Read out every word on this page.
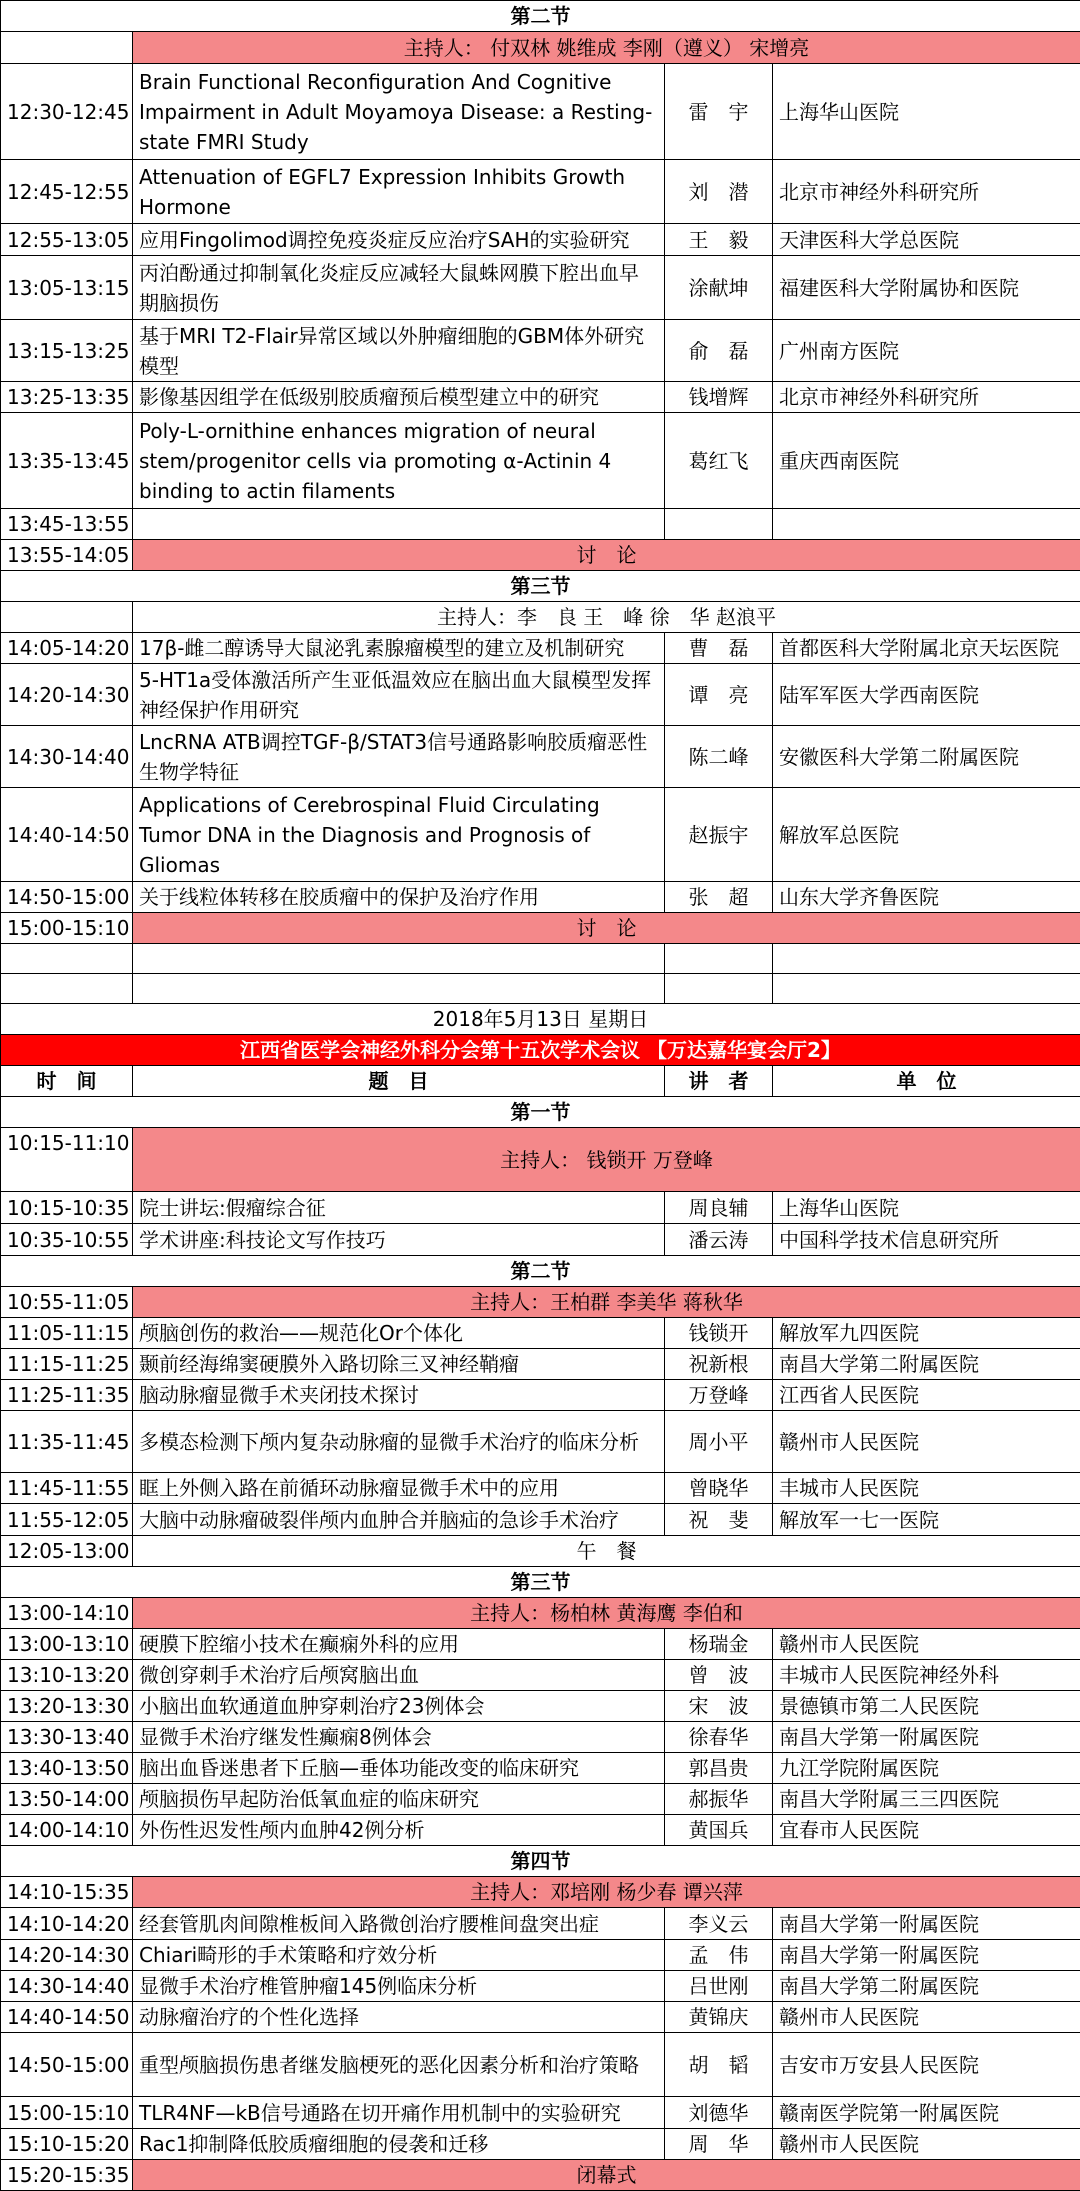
第二节			
	主持人： 付双林 姚维成 李刚（遵义） 宋增亮		
12:30-12:45	Brain Functional Reconfiguration And Cognitive Impairment in Adult Moyamoya Disease: a Resting-state FMRI Study	雷　宇	上海华山医院
12:45-12:55	Attenuation of EGFL7 Expression Inhibits Growth Hormone	刘　潜	北京市神经外科研究所
12:55-13:05	应用Fingolimod调控免疫炎症反应治疗SAH的实验研究	王　毅	天津医科大学总医院
13:05-13:15	丙泊酚通过抑制氧化炎症反应减轻大鼠蛛网膜下腔出血早期脑损伤	涂献坤	福建医科大学附属协和医院
13:15-13:25	基于MRI T2-Flair异常区域以外肿瘤细胞的GBM体外研究模型	俞　磊	广州南方医院
13:25-13:35	影像基因组学在低级别胶质瘤预后模型建立中的研究	钱增辉	北京市神经外科研究所
13:35-13:45	Poly-L-ornithine enhances migration of neural stem/progenitor cells via promoting α-Actinin 4 binding to actin filaments	葛红飞	重庆西南医院
13:45-13:55			
13:55-14:05	讨　论		
第三节			
	主持人：李　良 王　峰 徐　华 赵浪平		
14:05-14:20	17β-雌二醇诱导大鼠泌乳素腺瘤模型的建立及机制研究	曹　磊	首都医科大学附属北京天坛医院
14:20-14:30	5-HT1a受体激活所产生亚低温效应在脑出血大鼠模型发挥神经保护作用研究	谭　亮	陆军军医大学西南医院
14:30-14:40	LncRNA ATB调控TGF-β/STAT3信号通路影响胶质瘤恶性生物学特征	陈二峰	安徽医科大学第二附属医院
14:40-14:50	Applications of Cerebrospinal Fluid Circulating Tumor DNA in the Diagnosis and Prognosis of Gliomas	赵振宇	解放军总医院
14:50-15:00	关于线粒体转移在胶质瘤中的保护及治疗作用	张　超	山东大学齐鲁医院
15:00-15:10	讨　论		

2018年5月13日 星期日			
江西省医学会神经外科分会第十五次学术会议 【万达嘉华宴会厅2】			
时　间	题　目	讲　者	单　位
第一节			
10:15-11:10	主持人： 钱锁开 万登峰		
10:15-10:35	院士讲坛:假瘤综合征	周良辅	上海华山医院
10:35-10:55	学术讲座:科技论文写作技巧	潘云涛	中国科学技术信息研究所
第二节			
10:55-11:05	主持人：王柏群 李美华 蒋秋华		
11:05-11:15	颅脑创伤的救治——规范化Or个体化	钱锁开	解放军九四医院
11:15-11:25	颞前经海绵窦硬膜外入路切除三叉神经鞘瘤	祝新根	南昌大学第二附属医院
11:25-11:35	脑动脉瘤显微手术夹闭技术探讨	万登峰	江西省人民医院
11:35-11:45	多模态检测下颅内复杂动脉瘤的显微手术治疗的临床分析	周小平	赣州市人民医院
11:45-11:55	眶上外侧入路在前循环动脉瘤显微手术中的应用	曾晓华	丰城市人民医院
11:55-12:05	大脑中动脉瘤破裂伴颅内血肿合并脑疝的急诊手术治疗	祝　斐	解放军一七一医院
12:05-13:00	午　餐		
第三节			
13:00-14:10	主持人：杨柏林 黄海鹰 李伯和		
13:00-13:10	硬膜下腔缩小技术在癫痫外科的应用	杨瑞金	赣州市人民医院
13:10-13:20	微创穿刺手术治疗后颅窝脑出血	曾　波	丰城市人民医院神经外科
13:20-13:30	小脑出血软通道血肿穿刺治疗23例体会	宋　波	景德镇市第二人民医院
13:30-13:40	显微手术治疗继发性癫痫8例体会	徐春华	南昌大学第一附属医院
13:40-13:50	脑出血昏迷患者下丘脑—垂体功能改变的临床研究	郭昌贵	九江学院附属医院
13:50-14:00	颅脑损伤早起防治低氧血症的临床研究	郝振华	南昌大学附属三三四医院
14:00-14:10	外伤性迟发性颅内血肿42例分析	黄国兵	宜春市人民医院
第四节			
14:10-15:35	主持人：邓培刚 杨少春 谭兴萍		
14:10-14:20	经套管肌肉间隙椎板间入路微创治疗腰椎间盘突出症	李义云	南昌大学第一附属医院
14:20-14:30	Chiari畸形的手术策略和疗效分析	孟　伟	南昌大学第一附属医院
14:30-14:40	显微手术治疗椎管肿瘤145例临床分析	吕世刚	南昌大学第二附属医院
14:40-14:50	动脉瘤治疗的个性化选择	黄锦庆	赣州市人民医院
14:50-15:00	重型颅脑损伤患者继发脑梗死的恶化因素分析和治疗策略	胡　韬	吉安市万安县人民医院
15:00-15:10	TLR4NF—kB信号通路在切开痛作用机制中的实验研究	刘德华	赣南医学院第一附属医院
15:10-15:20	Rac1抑制降低胶质瘤细胞的侵袭和迁移	周　华	赣州市人民医院
15:20-15:35	闭幕式		
